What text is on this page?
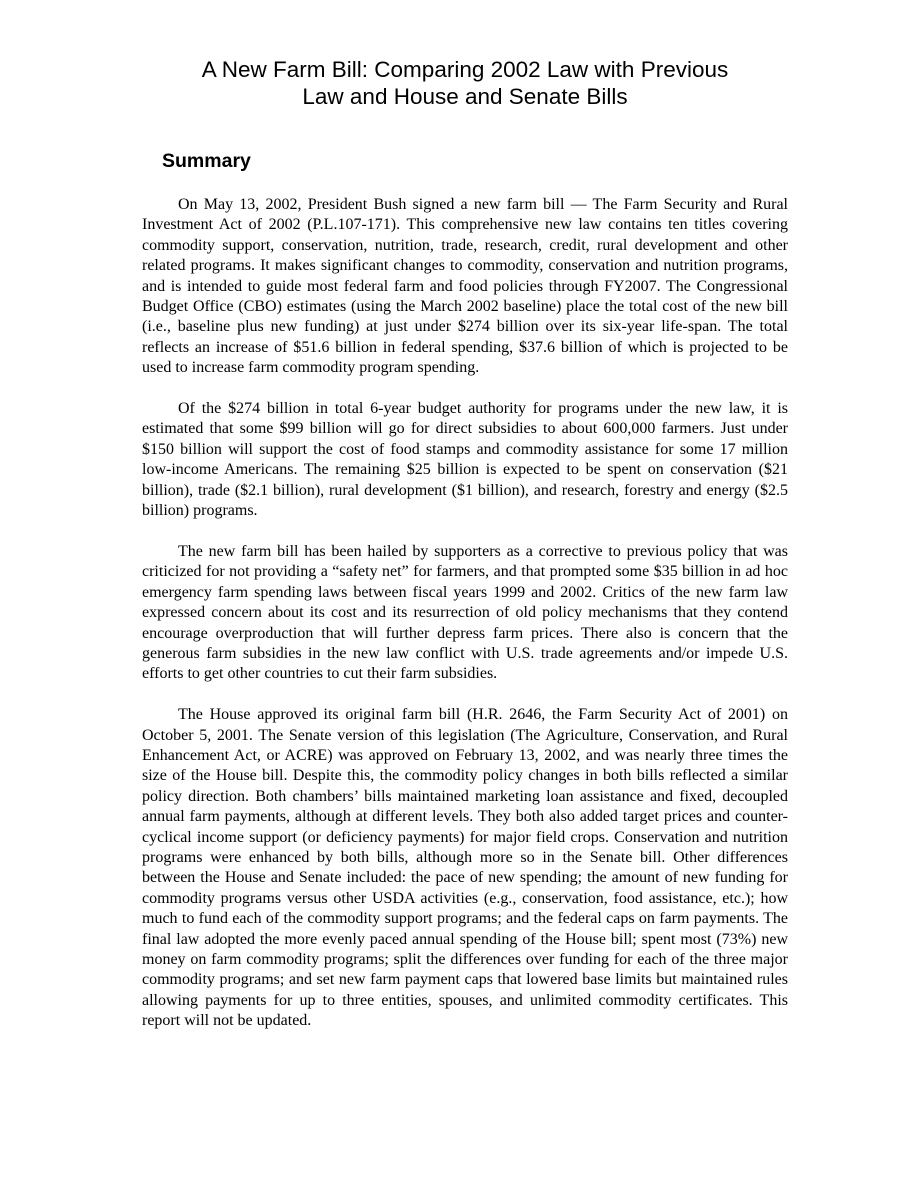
A New Farm Bill: Comparing 2002 Law with Previous
Law and House and Senate Bills
Summary

On May 13, 2002, President Bush signed a new farm bill — The Farm Security and Rural Investment Act of 2002 (P.L.107-171). This comprehensive new law contains ten titles covering commodity support, conservation, nutrition, trade, research, credit, rural development and other related programs. It makes significant changes to commodity, conservation and nutrition programs, and is intended to guide most federal farm and food policies through FY2007. The Congressional Budget Office (CBO) estimates (using the March 2002 baseline) place the total cost of the new bill (i.e., baseline plus new funding) at just under $274 billion over its six-year life-span. The total reflects an increase of $51.6 billion in federal spending, $37.6 billion of which is projected to be used to increase farm commodity program spending.

Of the $274 billion in total 6-year budget authority for programs under the new law, it is estimated that some $99 billion will go for direct subsidies to about 600,000 farmers. Just under $150 billion will support the cost of food stamps and commodity assistance for some 17 million low-income Americans. The remaining $25 billion is expected to be spent on conservation ($21 billion), trade ($2.1 billion), rural development ($1 billion), and research, forestry and energy ($2.5 billion) programs.

The new farm bill has been hailed by supporters as a corrective to previous policy that was criticized for not providing a “safety net” for farmers, and that prompted some $35 billion in ad hoc emergency farm spending laws between fiscal years 1999 and 2002. Critics of the new farm law expressed concern about its cost and its resurrection of old policy mechanisms that they contend encourage overproduction that will further depress farm prices. There also is concern that the generous farm subsidies in the new law conflict with U.S. trade agreements and/or impede U.S. efforts to get other countries to cut their farm subsidies.

The House approved its original farm bill (H.R. 2646, the Farm Security Act of 2001) on October 5, 2001. The Senate version of this legislation (The Agriculture, Conservation, and Rural Enhancement Act, or ACRE) was approved on February 13, 2002, and was nearly three times the size of the House bill. Despite this, the commodity policy changes in both bills reflected a similar policy direction. Both chambers’ bills maintained marketing loan assistance and fixed, decoupled annual farm payments, although at different levels. They both also added target prices and counter-cyclical income support (or deficiency payments) for major field crops. Conservation and nutrition programs were enhanced by both bills, although more so in the Senate bill. Other differences between the House and Senate included: the pace of new spending; the amount of new funding for commodity programs versus other USDA activities (e.g., conservation, food assistance, etc.); how much to fund each of the commodity support programs; and the federal caps on farm payments. The final law adopted the more evenly paced annual spending of the House bill; spent most (73%) new money on farm commodity programs; split the differences over funding for each of the three major commodity programs; and set new farm payment caps that lowered base limits but maintained rules allowing payments for up to three entities, spouses, and unlimited commodity certificates. This report will not be updated.
